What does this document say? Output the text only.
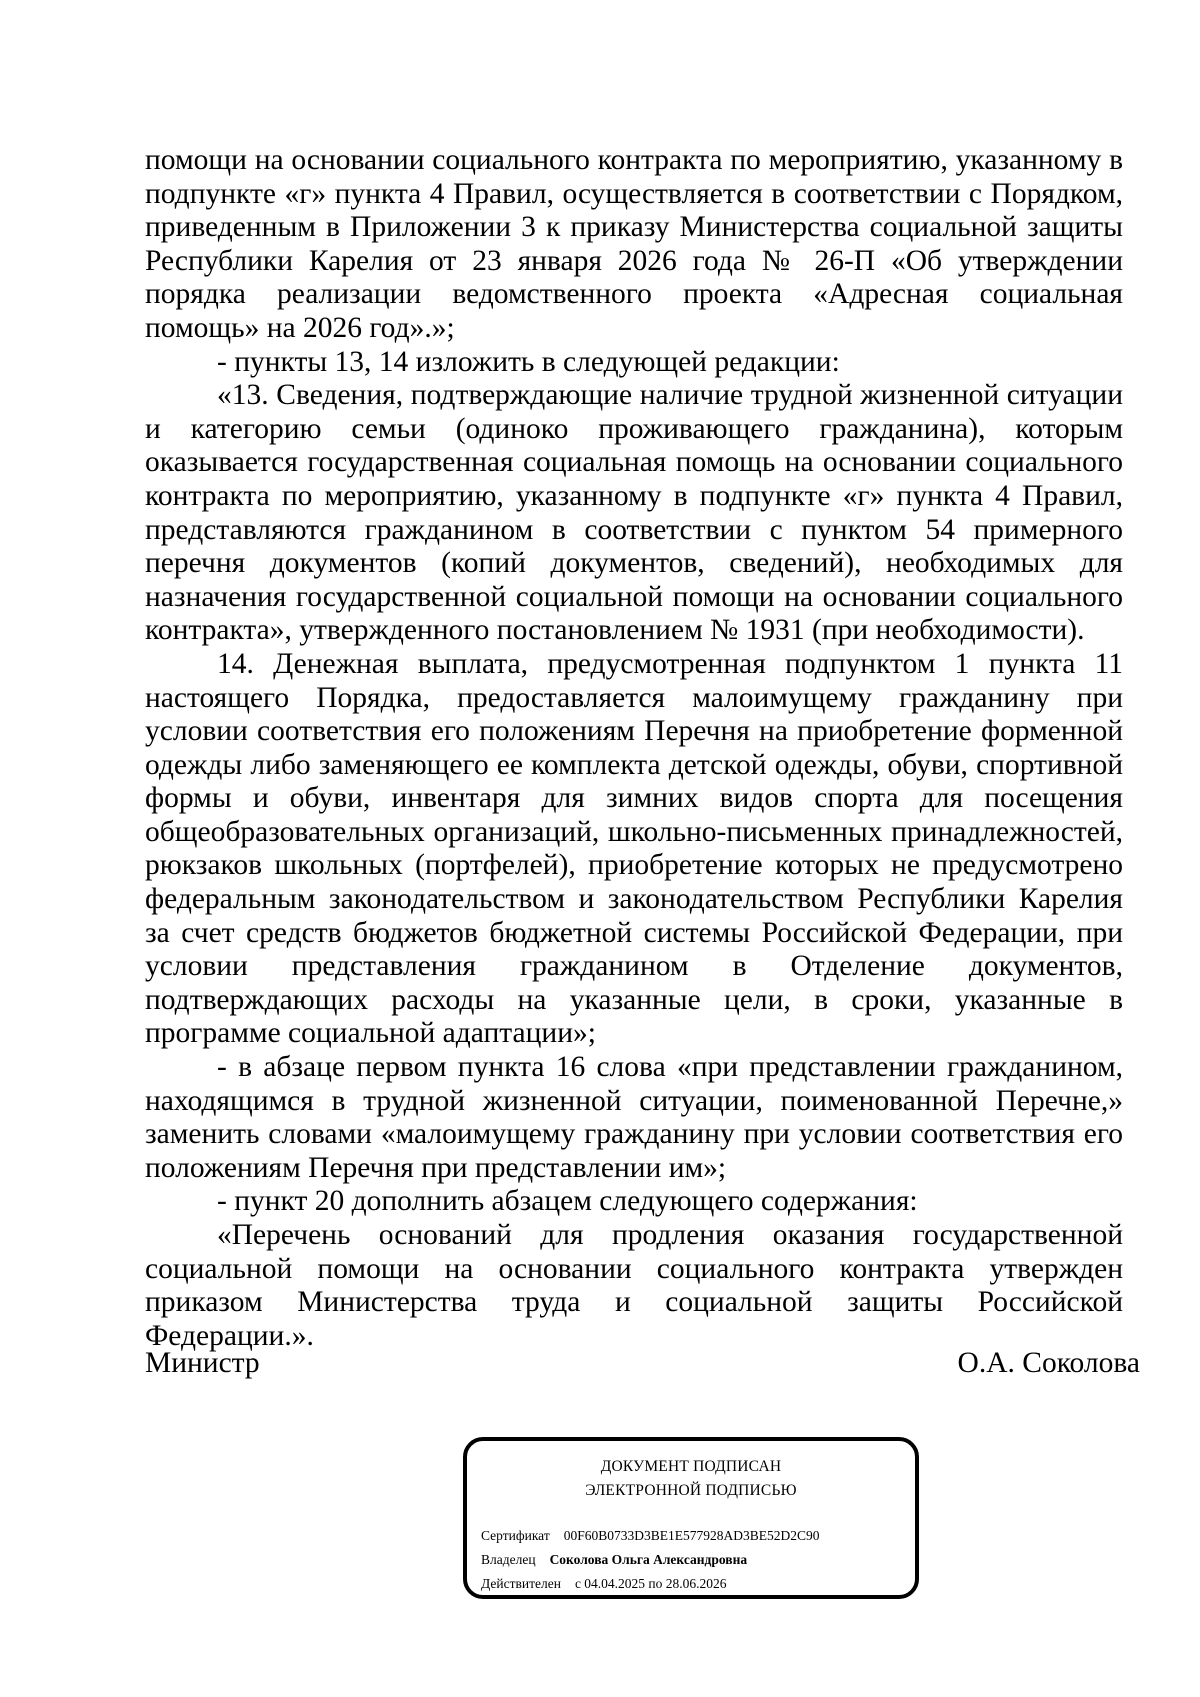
помощи на основании социального контракта по мероприятию, указанному в подпункте «г» пункта 4 Правил, осуществляется в соответствии с Порядком, приведенным в Приложении 3 к приказу Министерства социальной защиты Республики Карелия от 23 января 2026 года № 26-П «Об утверждении порядка реализации ведомственного проекта «Адресная социальная помощь» на 2026 год».»;

- пункты 13, 14 изложить в следующей редакции:

«13. Сведения, подтверждающие наличие трудной жизненной ситуации и категорию семьи (одиноко проживающего гражданина), которым оказывается государственная социальная помощь на основании социального контракта по мероприятию, указанному в подпункте «г» пункта 4 Правил, представляются гражданином в соответствии с пунктом 54 примерного перечня документов (копий документов, сведений), необходимых для назначения государственной социальной помощи на основании социального контракта», утвержденного постановлением № 1931 (при необходимости).

14. Денежная выплата, предусмотренная подпунктом 1 пункта 11 настоящего Порядка, предоставляется малоимущему гражданину при условии соответствия его положениям Перечня на приобретение форменной одежды либо заменяющего ее комплекта детской одежды, обуви, спортивной формы и обуви, инвентаря для зимних видов спорта для посещения общеобразовательных организаций, школьно-письменных принадлежностей, рюкзаков школьных (портфелей), приобретение которых не предусмотрено федеральным законодательством и законодательством Республики Карелия за счет средств бюджетов бюджетной системы Российской Федерации, при условии представления гражданином в Отделение документов, подтверждающих расходы на указанные цели, в сроки, указанные в программе социальной адаптации»;

- в абзаце первом пункта 16 слова «при представлении гражданином, находящимся в трудной жизненной ситуации, поименованной Перечне,» заменить словами «малоимущему гражданину при условии соответствия его положениям Перечня при представлении им»;

- пункт 20 дополнить абзацем следующего содержания:

«Перечень оснований для продления оказания государственной социальной помощи на основании социального контракта утвержден приказом Министерства труда и социальной защиты Российской Федерации.».

Министр	О.А. Соколова
ДОКУМЕНТ ПОДПИСАН
ЭЛЕКТРОННОЙ ПОДПИСЬЮ
Сертификат 00F60B0733D3BE1E577928AD3BE52D2C90
Владелец Соколова Ольга Александровна
Действителен с 04.04.2025 по 28.06.2026
